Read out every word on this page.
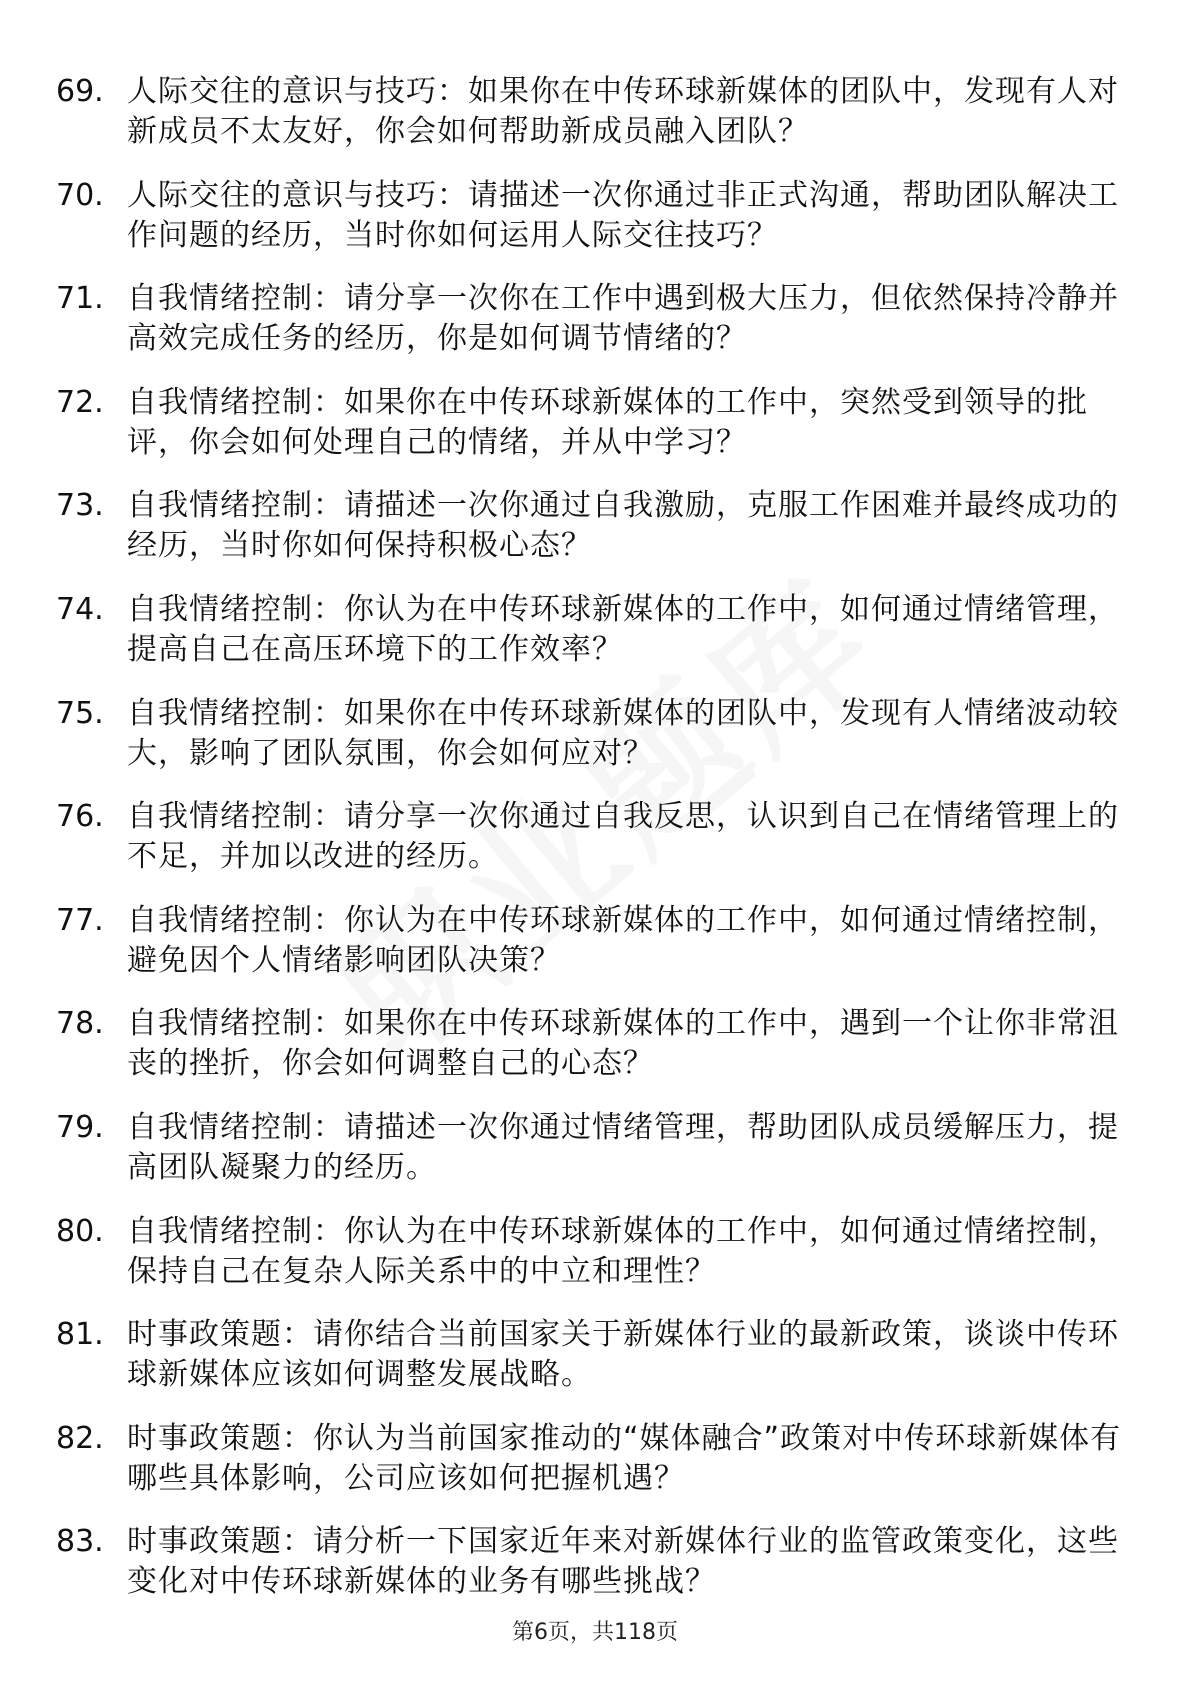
69. 人际交往的意识与技巧：如果你在中传环球新媒体的团队中，发现有人对新成员不太友好，你会如何帮助新成员融入团队？
70. 人际交往的意识与技巧：请描述一次你通过非正式沟通，帮助团队解决工作问题的经历，当时你如何运用人际交往技巧？
71. 自我情绪控制：请分享一次你在工作中遇到极大压力，但依然保持冷静并高效完成任务的经历，你是如何调节情绪的？
72. 自我情绪控制：如果你在中传环球新媒体的工作中，突然受到领导的批评，你会如何处理自己的情绪，并从中学习？
73. 自我情绪控制：请描述一次你通过自我激励，克服工作困难并最终成功的经历，当时你如何保持积极心态？
74. 自我情绪控制：你认为在中传环球新媒体的工作中，如何通过情绪管理，提高自己在高压环境下的工作效率？
75. 自我情绪控制：如果你在中传环球新媒体的团队中，发现有人情绪波动较大，影响了团队氛围，你会如何应对？
76. 自我情绪控制：请分享一次你通过自我反思，认识到自己在情绪管理上的不足，并加以改进的经历。
77. 自我情绪控制：你认为在中传环球新媒体的工作中，如何通过情绪控制，避免因个人情绪影响团队决策？
78. 自我情绪控制：如果你在中传环球新媒体的工作中，遇到一个让你非常沮丧的挫折，你会如何调整自己的心态？
79. 自我情绪控制：请描述一次你通过情绪管理，帮助团队成员缓解压力，提高团队凝聚力的经历。
80. 自我情绪控制：你认为在中传环球新媒体的工作中，如何通过情绪控制，保持自己在复杂人际关系中的中立和理性？
81. 时事政策题：请你结合当前国家关于新媒体行业的最新政策，谈谈中传环球新媒体应该如何调整发展战略。
82. 时事政策题：你认为当前国家推动的“媒体融合”政策对中传环球新媒体有哪些具体影响，公司应该如何把握机遇？
83. 时事政策题：请分析一下国家近年来对新媒体行业的监管政策变化，这些变化对中传环球新媒体的业务有哪些挑战？
第6页，共118页
